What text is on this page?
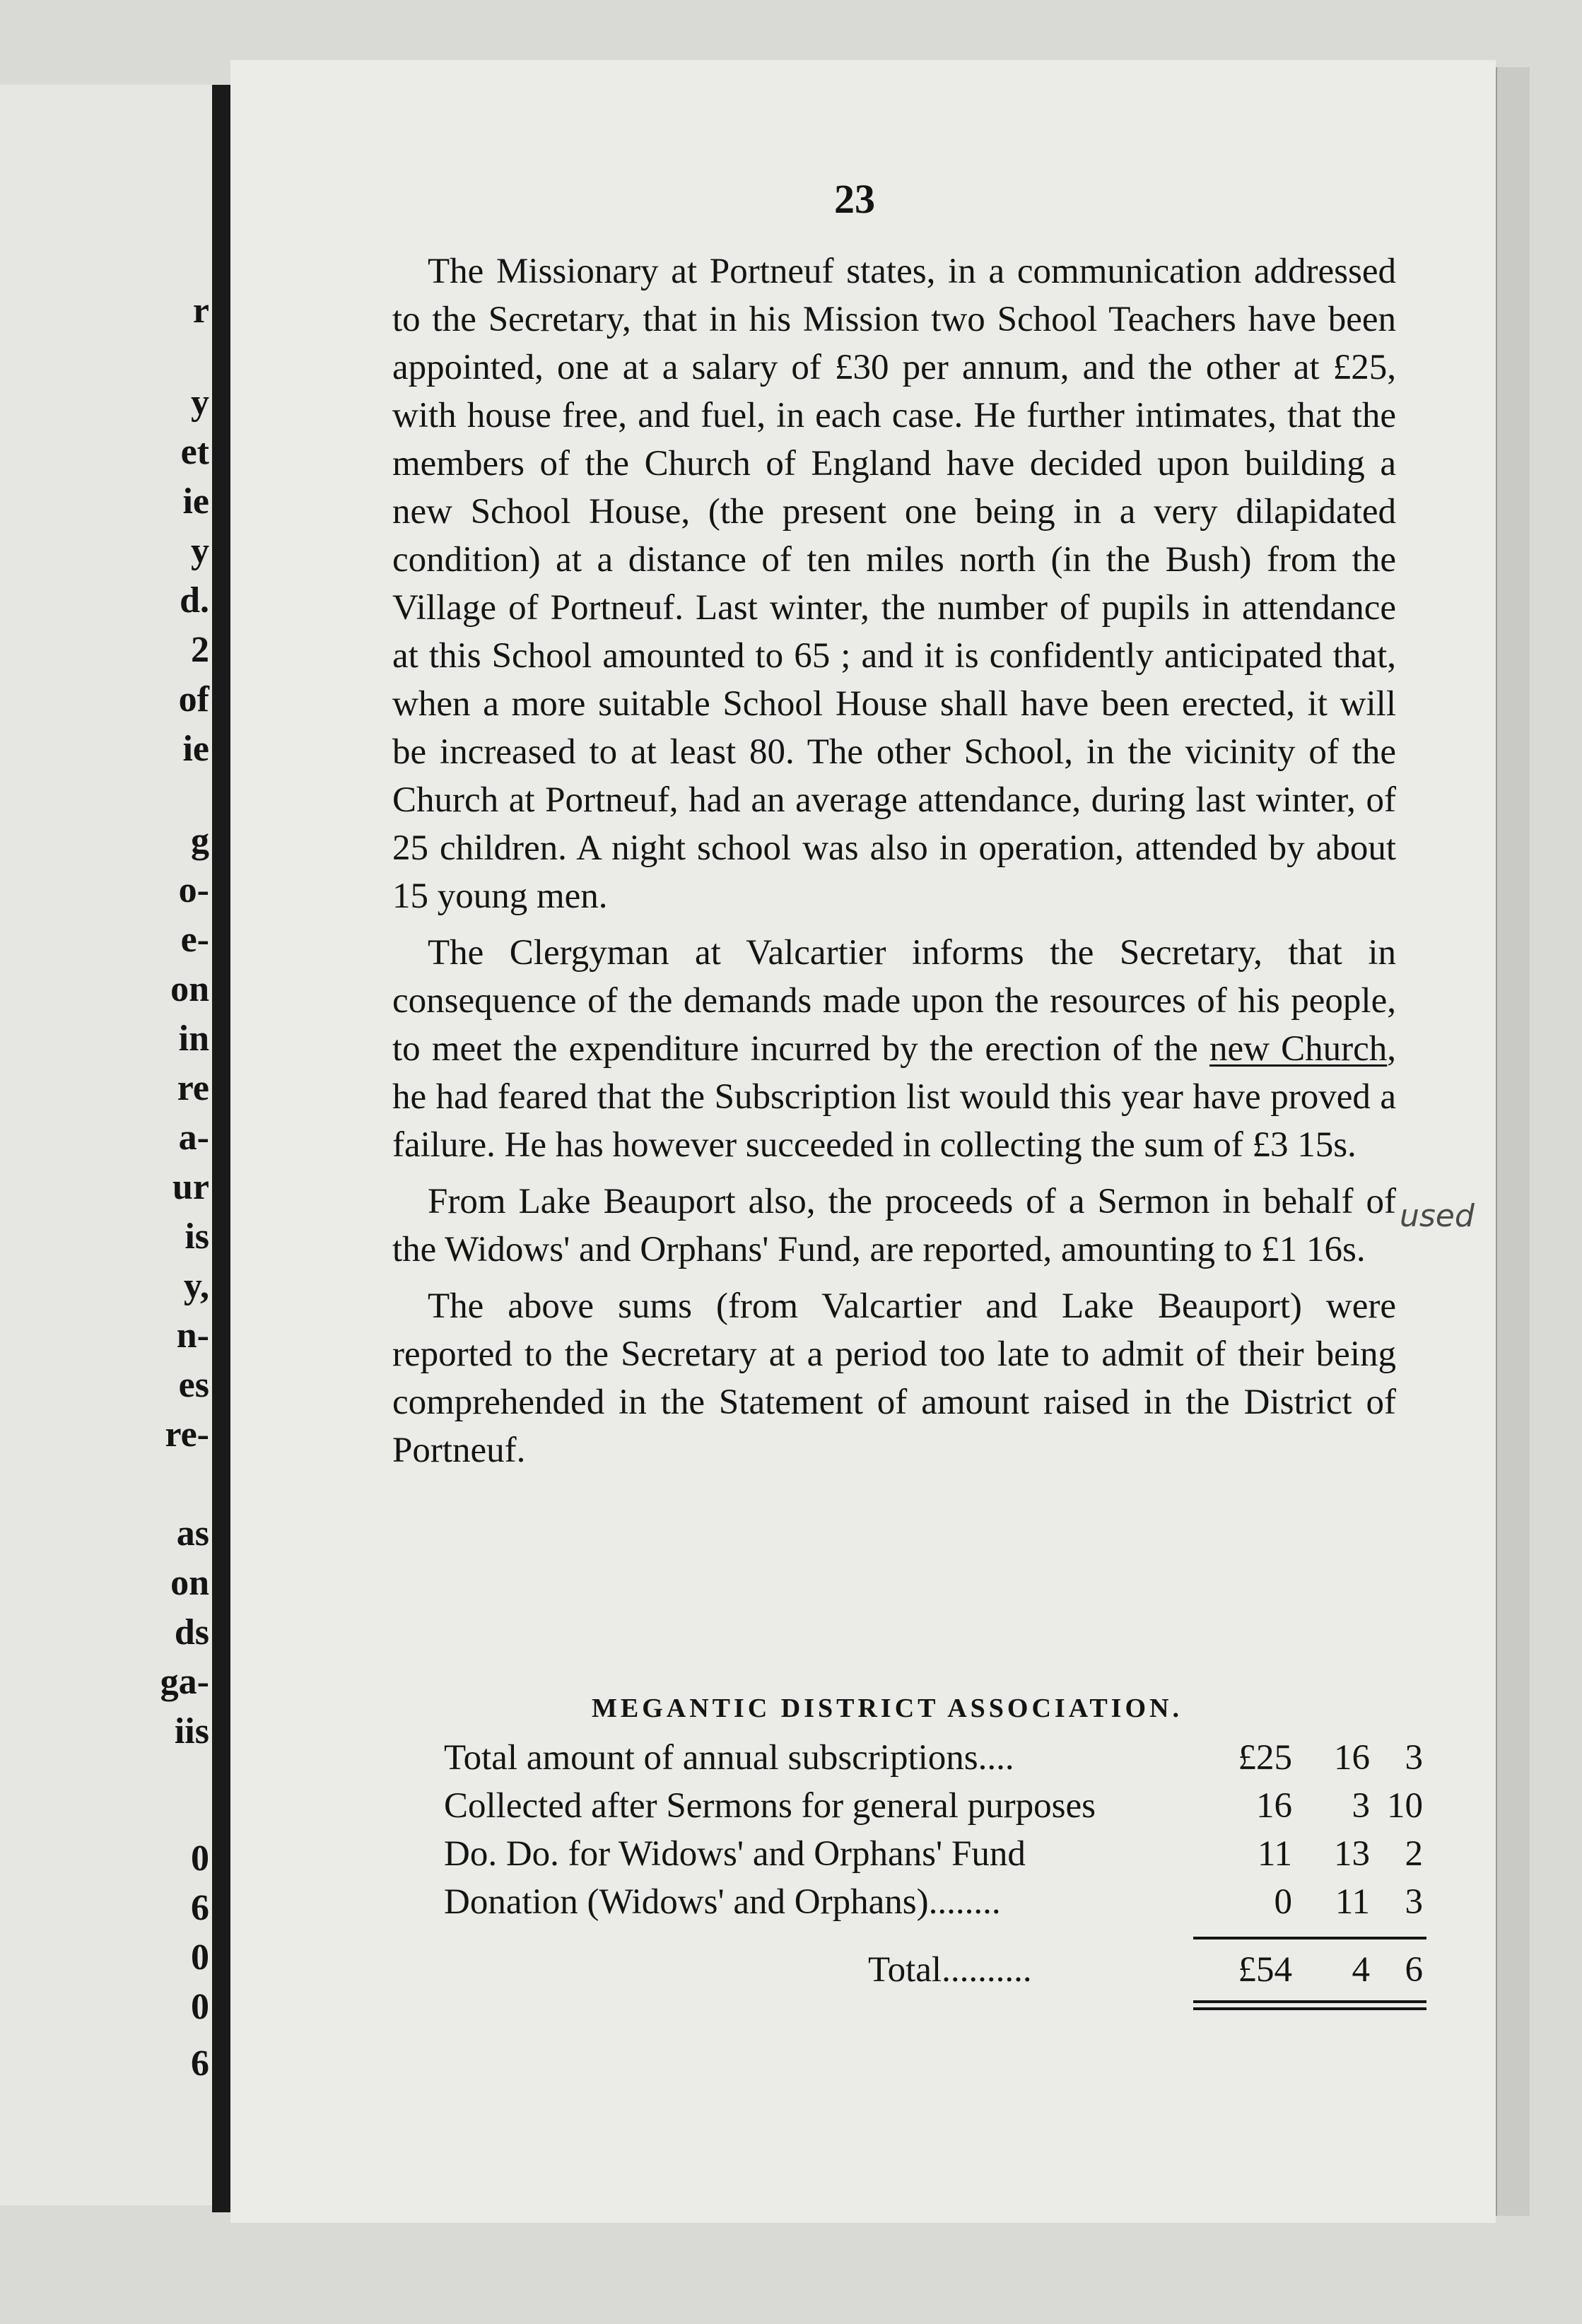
r

y

et

ie

y

d.

2

of

ie

g

o-

e-

on

in

re

a-

ur

is

y,

n-

es

re-

as

on

ds

ga-

iis

0

6

0

0

6

23

The Missionary at Portneuf states, in a communication addressed to the Secretary, that in his Mission two School Teachers have been appointed, one at a salary of £30 per annum, and the other at £25, with house free, and fuel, in each case. He further intimates, that the members of the Church of England have decided upon building a new School House, (the present one being in a very dilapidated condition) at a distance of ten miles north (in the Bush) from the Village of Portneuf. Last winter, the number of pupils in attendance at this School amounted to 65 ; and it is confidently anticipated that, when a more suitable School House shall have been erected, it will be increased to at least 80. The other School, in the vicinity of the Church at Portneuf, had an average attendance, during last winter, of 25 children. A night school was also in operation, attended by about 15 young men.

The Clergyman at Valcartier informs the Secretary, that in consequence of the demands made upon the resources of his people, to meet the expenditure incurred by the erection of the new Church, he had feared that the Subscription list would this year have proved a failure. He has however succeeded in collecting the sum of £3 15s.

From Lake Beauport also, the proceeds of a Sermon in behalf of the Widows' and Orphans' Fund, are reported, amounting to £1 16s.

The above sums (from Valcartier and Lake Beauport) were reported to the Secretary at a period too late to admit of their being comprehended in the Statement of amount raised in the District of Portneuf.

used

MEGANTIC DISTRICT ASSOCIATION.

Total amount of annual subscriptions....	£25	16 3
Collected after Sermons for general purposes	16	3 10
Do. Do. for Widows' and Orphans' Fund	11	13 2
Donation (Widows' and Orphans)........	0	11 3
Total..........	£54	4 6
